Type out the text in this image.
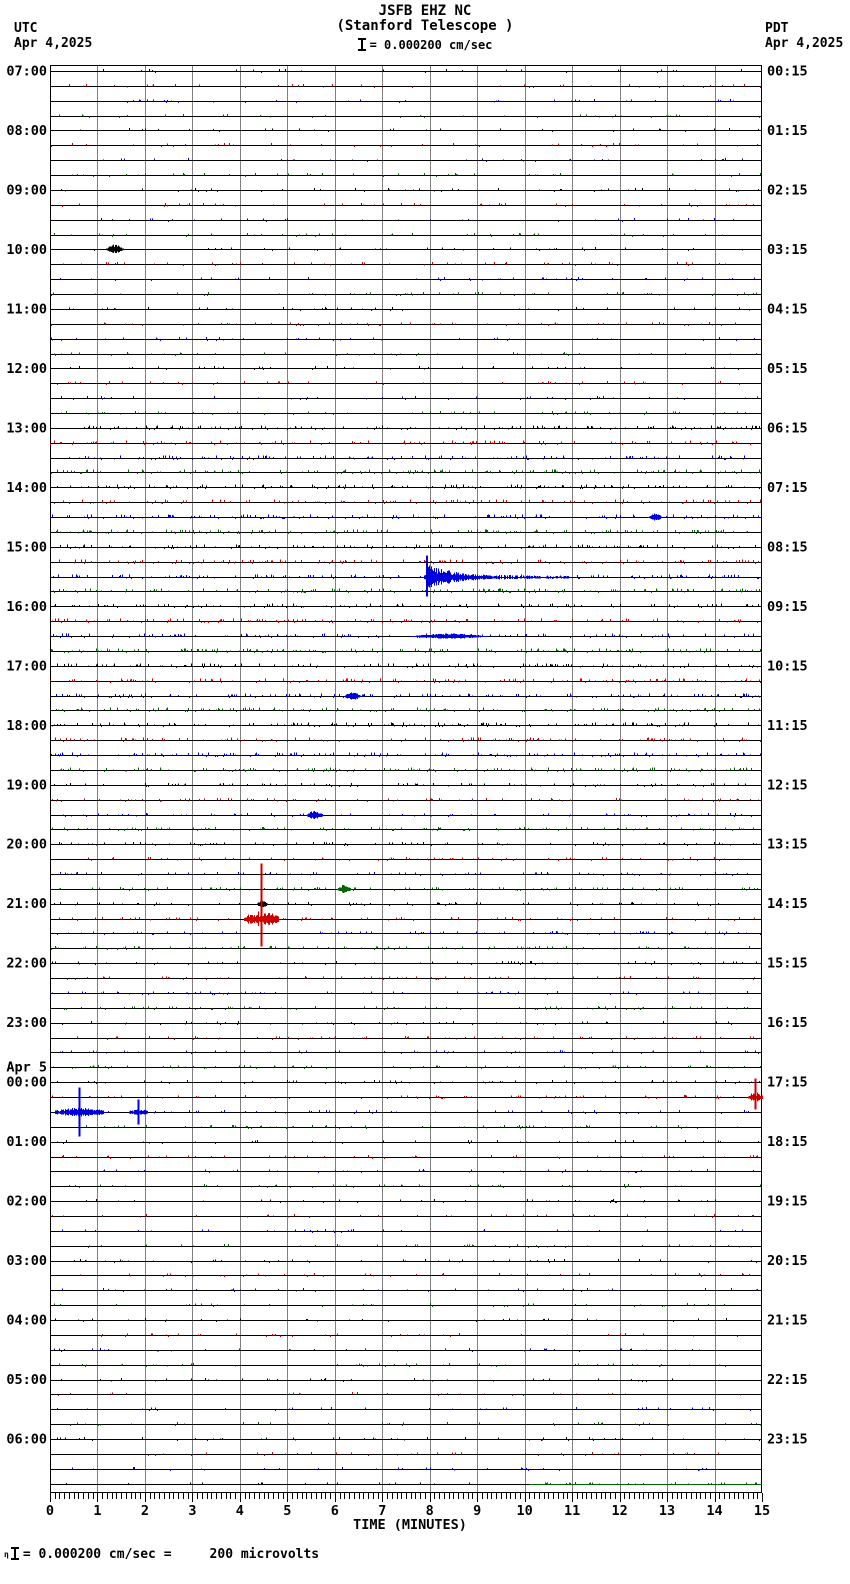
JSFB EHZ NC
(Stanford Telescope )
= 0.000200 cm/sec
UTC
Apr 4,2025
PDT
Apr 4,2025
07:00
08:00
09:00
10:00
11:00
12:00
13:00
14:00
15:00
16:00
17:00
18:00
19:00
20:00
21:00
22:00
23:00
00:00
Apr 5
01:00
02:00
03:00
04:00
05:00
06:00
00:15
01:15
02:15
03:15
04:15
05:15
06:15
07:15
08:15
09:15
10:15
11:15
12:15
13:15
14:15
15:15
16:15
17:15
18:15
19:15
20:15
21:15
22:15
23:15
0	1	2	3	4	5	6	7	8	9	10 11 12 13 14 15
TIME (MINUTES)
η = 0.000200 cm/sec =	200 microvolts
